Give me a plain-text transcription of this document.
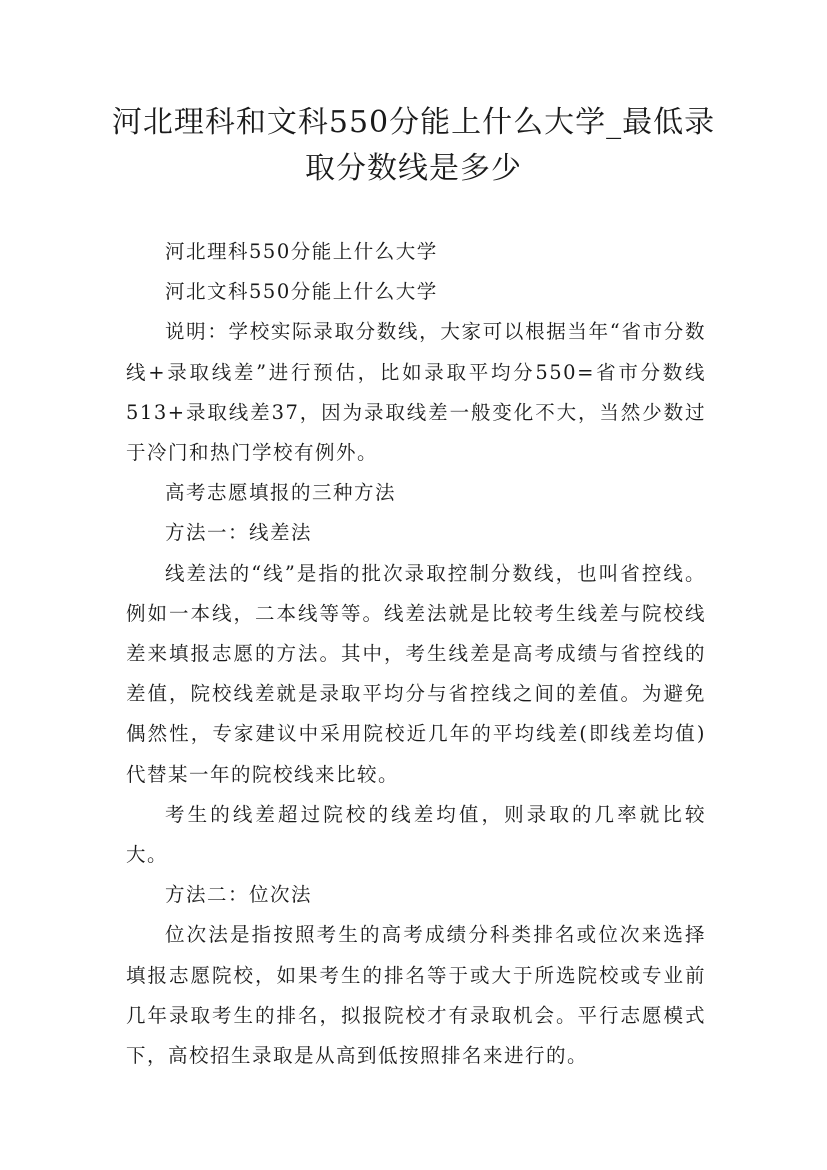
河北理科和文科550分能上什么大学_最低录取分数线是多少

河北理科550分能上什么大学

河北文科550分能上什么大学

说明：学校实际录取分数线，大家可以根据当年“省市分数线+录取线差”进行预估，比如录取平均分550=省市分数线513+录取线差37，因为录取线差一般变化不大，当然少数过于冷门和热门学校有例外。

高考志愿填报的三种方法

方法一：线差法

线差法的“线”是指的批次录取控制分数线，也叫省控线。例如一本线，二本线等等。线差法就是比较考生线差与院校线差来填报志愿的方法。其中，考生线差是高考成绩与省控线的差值，院校线差就是录取平均分与省控线之间的差值。为避免偶然性，专家建议中采用院校近几年的平均线差(即线差均值)代替某一年的院校线来比较。

考生的线差超过院校的线差均值，则录取的几率就比较大。

方法二：位次法

位次法是指按照考生的高考成绩分科类排名或位次来选择填报志愿院校，如果考生的排名等于或大于所选院校或专业前几年录取考生的排名，拟报院校才有录取机会。平行志愿模式下，高校招生录取是从高到低按照排名来进行的。
